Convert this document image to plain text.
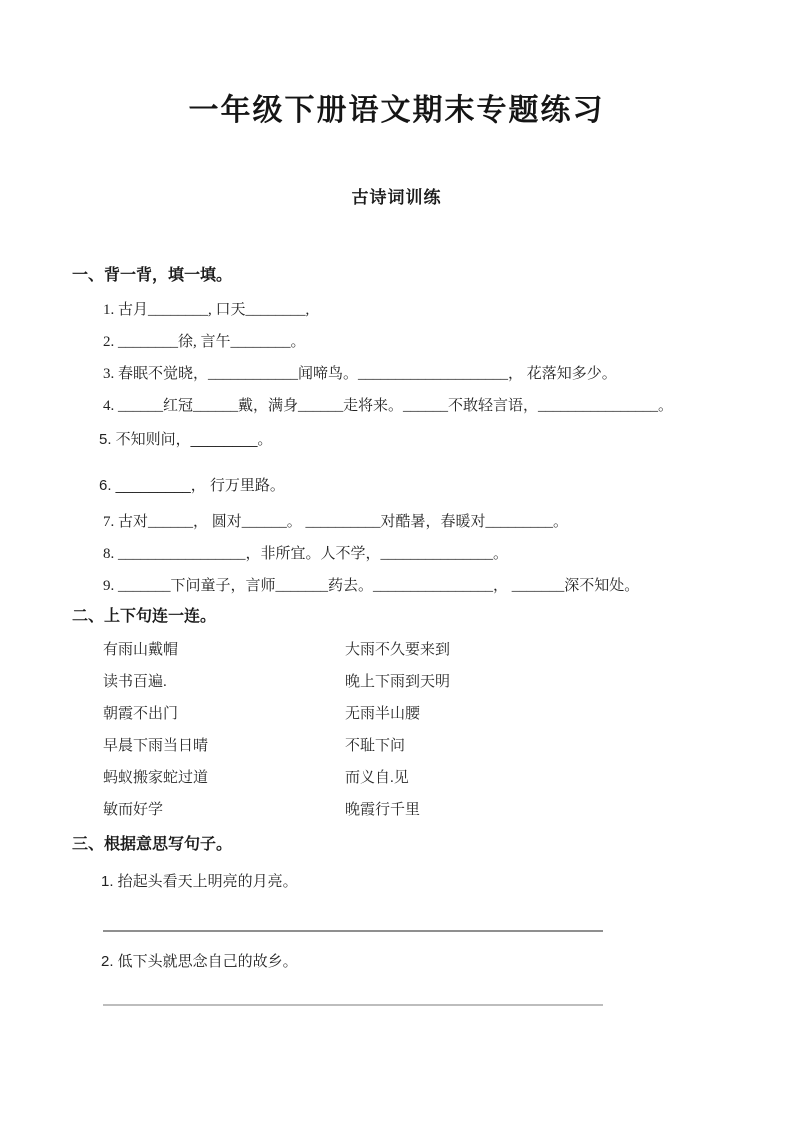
一年级下册语文期末专题练习
古诗词训练
一、背一背，填一填。
1. 古月________, 口天________,
2. ________徐, 言午________。
3. 春眠不觉晓，____________闻啼鸟。____________________， 花落知多少。
4. ______红冠______戴，满身______走将来。______不敢轻言语，________________。
5. 不知则问，________。
6. _________， 行万里路。
7. 古对______， 圆对______。 __________对酷暑，春暖对_________。
8. _________________，非所宜。人不学，_______________。
9. _______下问童子，言师_______药去。________________， _______深不知处。
二、上下句连一连。
有雨山戴帽	大雨不久要来到
读书百遍.	晚上下雨到天明
朝霞不出门	无雨半山腰
早晨下雨当日晴	不耻下问
蚂蚁搬家蛇过道	而义自.见
敏而好学	晚霞行千里
三、根据意思写句子。
1. 抬起头看天上明亮的月亮。
2. 低下头就思念自己的故乡。
